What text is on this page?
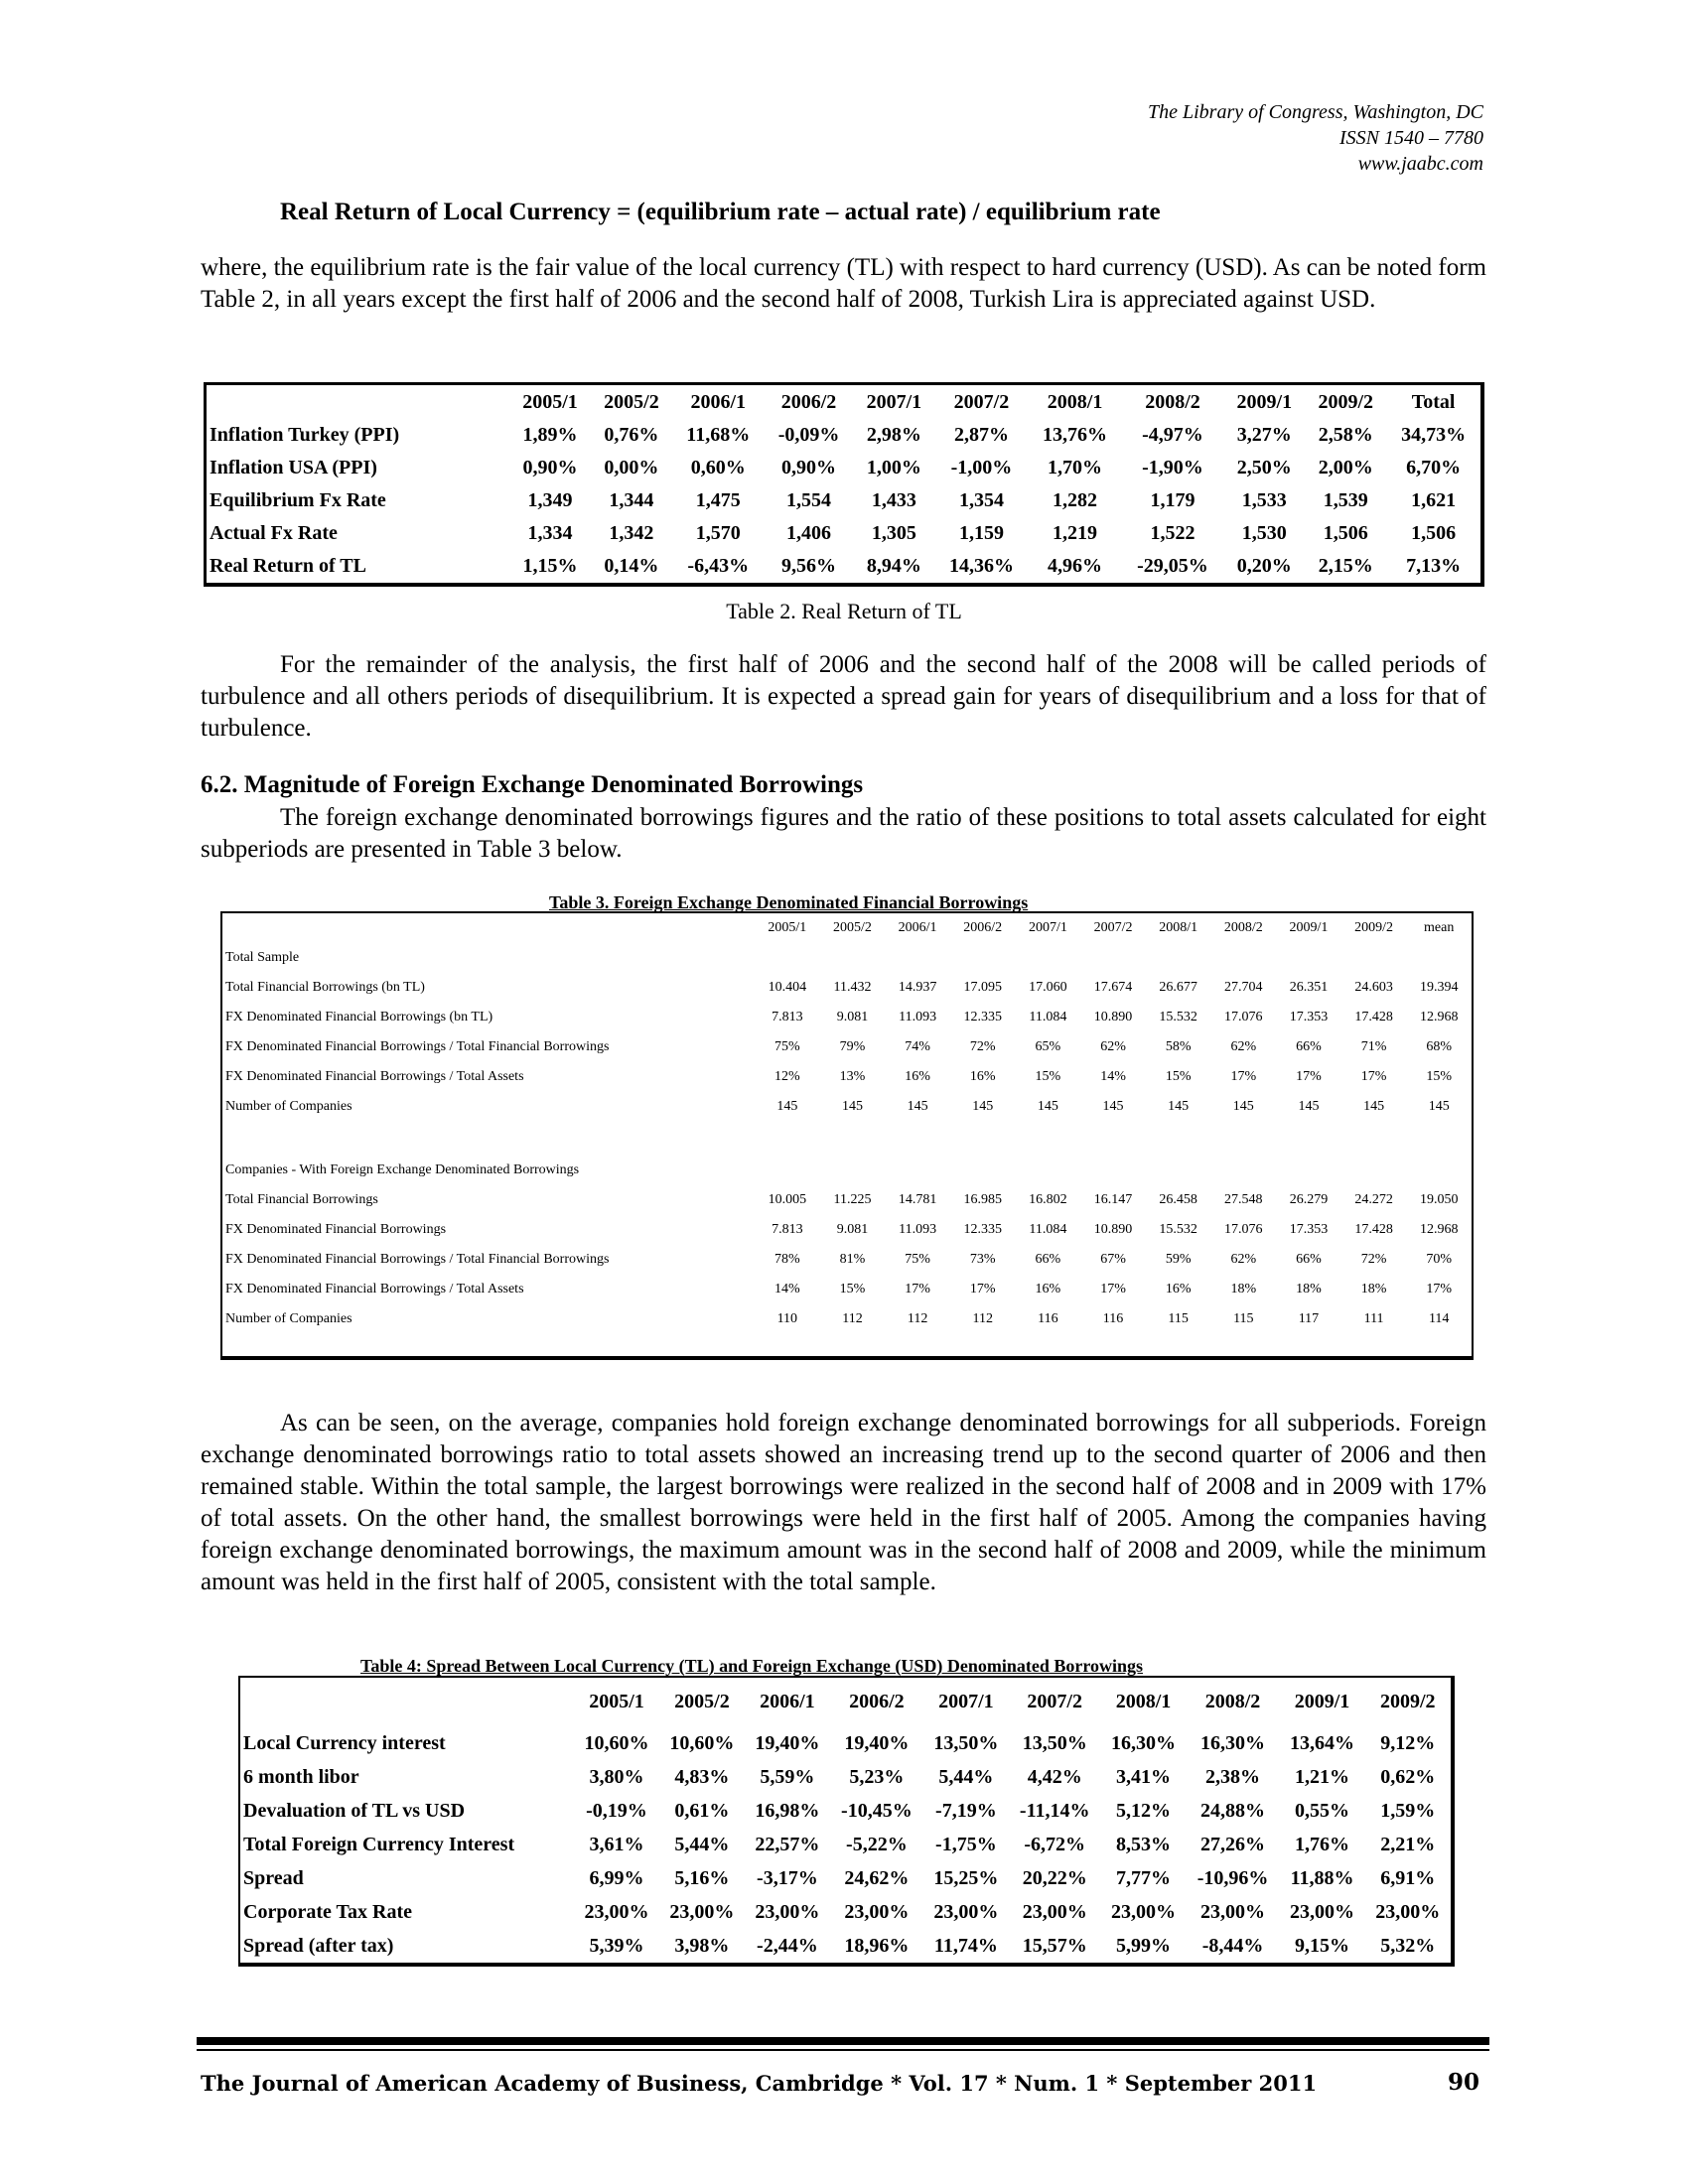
The Library of Congress, Washington, DC
ISSN 1540 – 7780
www.jaabc.com
Real Return of Local Currency = (equilibrium rate – actual rate) / equilibrium rate
where, the equilibrium rate is the fair value of the local currency (TL) with respect to hard currency (USD). As can be noted form Table 2, in all years except the first half of 2006 and the second half of 2008, Turkish Lira is appreciated against USD.
	2005/1	2005/2	2006/1	2006/2	2007/1	2007/2	2008/1	2008/2	2009/1	2009/2	Total
Inflation Turkey (PPI)	1,89%	0,76%	11,68%	-0,09%	2,98%	2,87%	13,76%	-4,97%	3,27%	2,58%	34,73%
Inflation USA (PPI)	0,90%	0,00%	0,60%	0,90%	1,00%	-1,00%	1,70%	-1,90%	2,50%	2,00%	6,70%
Equilibrium Fx Rate	1,349	1,344	1,475	1,554	1,433	1,354	1,282	1,179	1,533	1,539	1,621
Actual Fx Rate	1,334	1,342	1,570	1,406	1,305	1,159	1,219	1,522	1,530	1,506	1,506
Real Return of TL	1,15%	0,14%	-6,43%	9,56%	8,94%	14,36%	4,96%	-29,05%	0,20%	2,15%	7,13%
Table 2. Real Return of TL
For the remainder of the analysis, the first half of 2006 and the second half of the 2008 will be called periods of turbulence and all others periods of disequilibrium. It is expected a spread gain for years of disequilibrium and a loss for that of turbulence.
6.2. Magnitude of Foreign Exchange Denominated Borrowings
The foreign exchange denominated borrowings figures and the ratio of these positions to total assets calculated for eight subperiods are presented in Table 3 below.
Table 3. Foreign Exchange Denominated Financial Borrowings
	2005/1	2005/2	2006/1	2006/2	2007/1	2007/2	2008/1	2008/2	2009/1	2009/2	mean
Total Sample											
Total Financial Borrowings (bn TL)	10.404	11.432	14.937	17.095	17.060	17.674	26.677	27.704	26.351	24.603	19.394
FX Denominated Financial Borrowings (bn TL)	7.813	9.081	11.093	12.335	11.084	10.890	15.532	17.076	17.353	17.428	12.968
FX Denominated Financial Borrowings / Total Financial Borrowings	75%	79%	74%	72%	65%	62%	58%	62%	66%	71%	68%
FX Denominated Financial Borrowings / Total Assets	12%	13%	16%	16%	15%	14%	15%	17%	17%	17%	15%
Number of Companies	145	145	145	145	145	145	145	145	145	145	145

Companies - With Foreign Exchange Denominated Borrowings											
Total Financial Borrowings	10.005	11.225	14.781	16.985	16.802	16.147	26.458	27.548	26.279	24.272	19.050
FX Denominated Financial Borrowings	7.813	9.081	11.093	12.335	11.084	10.890	15.532	17.076	17.353	17.428	12.968
FX Denominated Financial Borrowings / Total Financial Borrowings	78%	81%	75%	73%	66%	67%	59%	62%	66%	72%	70%
FX Denominated Financial Borrowings / Total Assets	14%	15%	17%	17%	16%	17%	16%	18%	18%	18%	17%
Number of Companies	110	112	112	112	116	116	115	115	117	111	114

As can be seen, on the average, companies hold foreign exchange denominated borrowings for all subperiods. Foreign exchange denominated borrowings ratio to total assets showed an increasing trend up to the second quarter of 2006 and then remained stable. Within the total sample, the largest borrowings were realized in the second half of 2008 and in 2009 with 17% of total assets. On the other hand, the smallest borrowings were held in the first half of 2005. Among the companies having foreign exchange denominated borrowings, the maximum amount was in the second half of 2008 and 2009, while the minimum amount was held in the first half of 2005, consistent with the total sample.
Table 4: Spread Between Local Currency (TL) and Foreign Exchange (USD) Denominated Borrowings
	2005/1	2005/2	2006/1	2006/2	2007/1	2007/2	2008/1	2008/2	2009/1	2009/2
Local Currency interest	10,60%	10,60%	19,40%	19,40%	13,50%	13,50%	16,30%	16,30%	13,64%	9,12%
6 month libor	3,80%	4,83%	5,59%	5,23%	5,44%	4,42%	3,41%	2,38%	1,21%	0,62%
Devaluation of TL vs USD	-0,19%	0,61%	16,98%	-10,45%	-7,19%	-11,14%	5,12%	24,88%	0,55%	1,59%
Total Foreign Currency Interest	3,61%	5,44%	22,57%	-5,22%	-1,75%	-6,72%	8,53%	27,26%	1,76%	2,21%
Spread	6,99%	5,16%	-3,17%	24,62%	15,25%	20,22%	7,77%	-10,96%	11,88%	6,91%
Corporate Tax Rate	23,00%	23,00%	23,00%	23,00%	23,00%	23,00%	23,00%	23,00%	23,00%	23,00%
Spread (after tax)	5,39%	3,98%	-2,44%	18,96%	11,74%	15,57%	5,99%	-8,44%	9,15%	5,32%
The Journal of American Academy of Business, Cambridge * Vol. 17 * Num. 1 * September 2011	90
